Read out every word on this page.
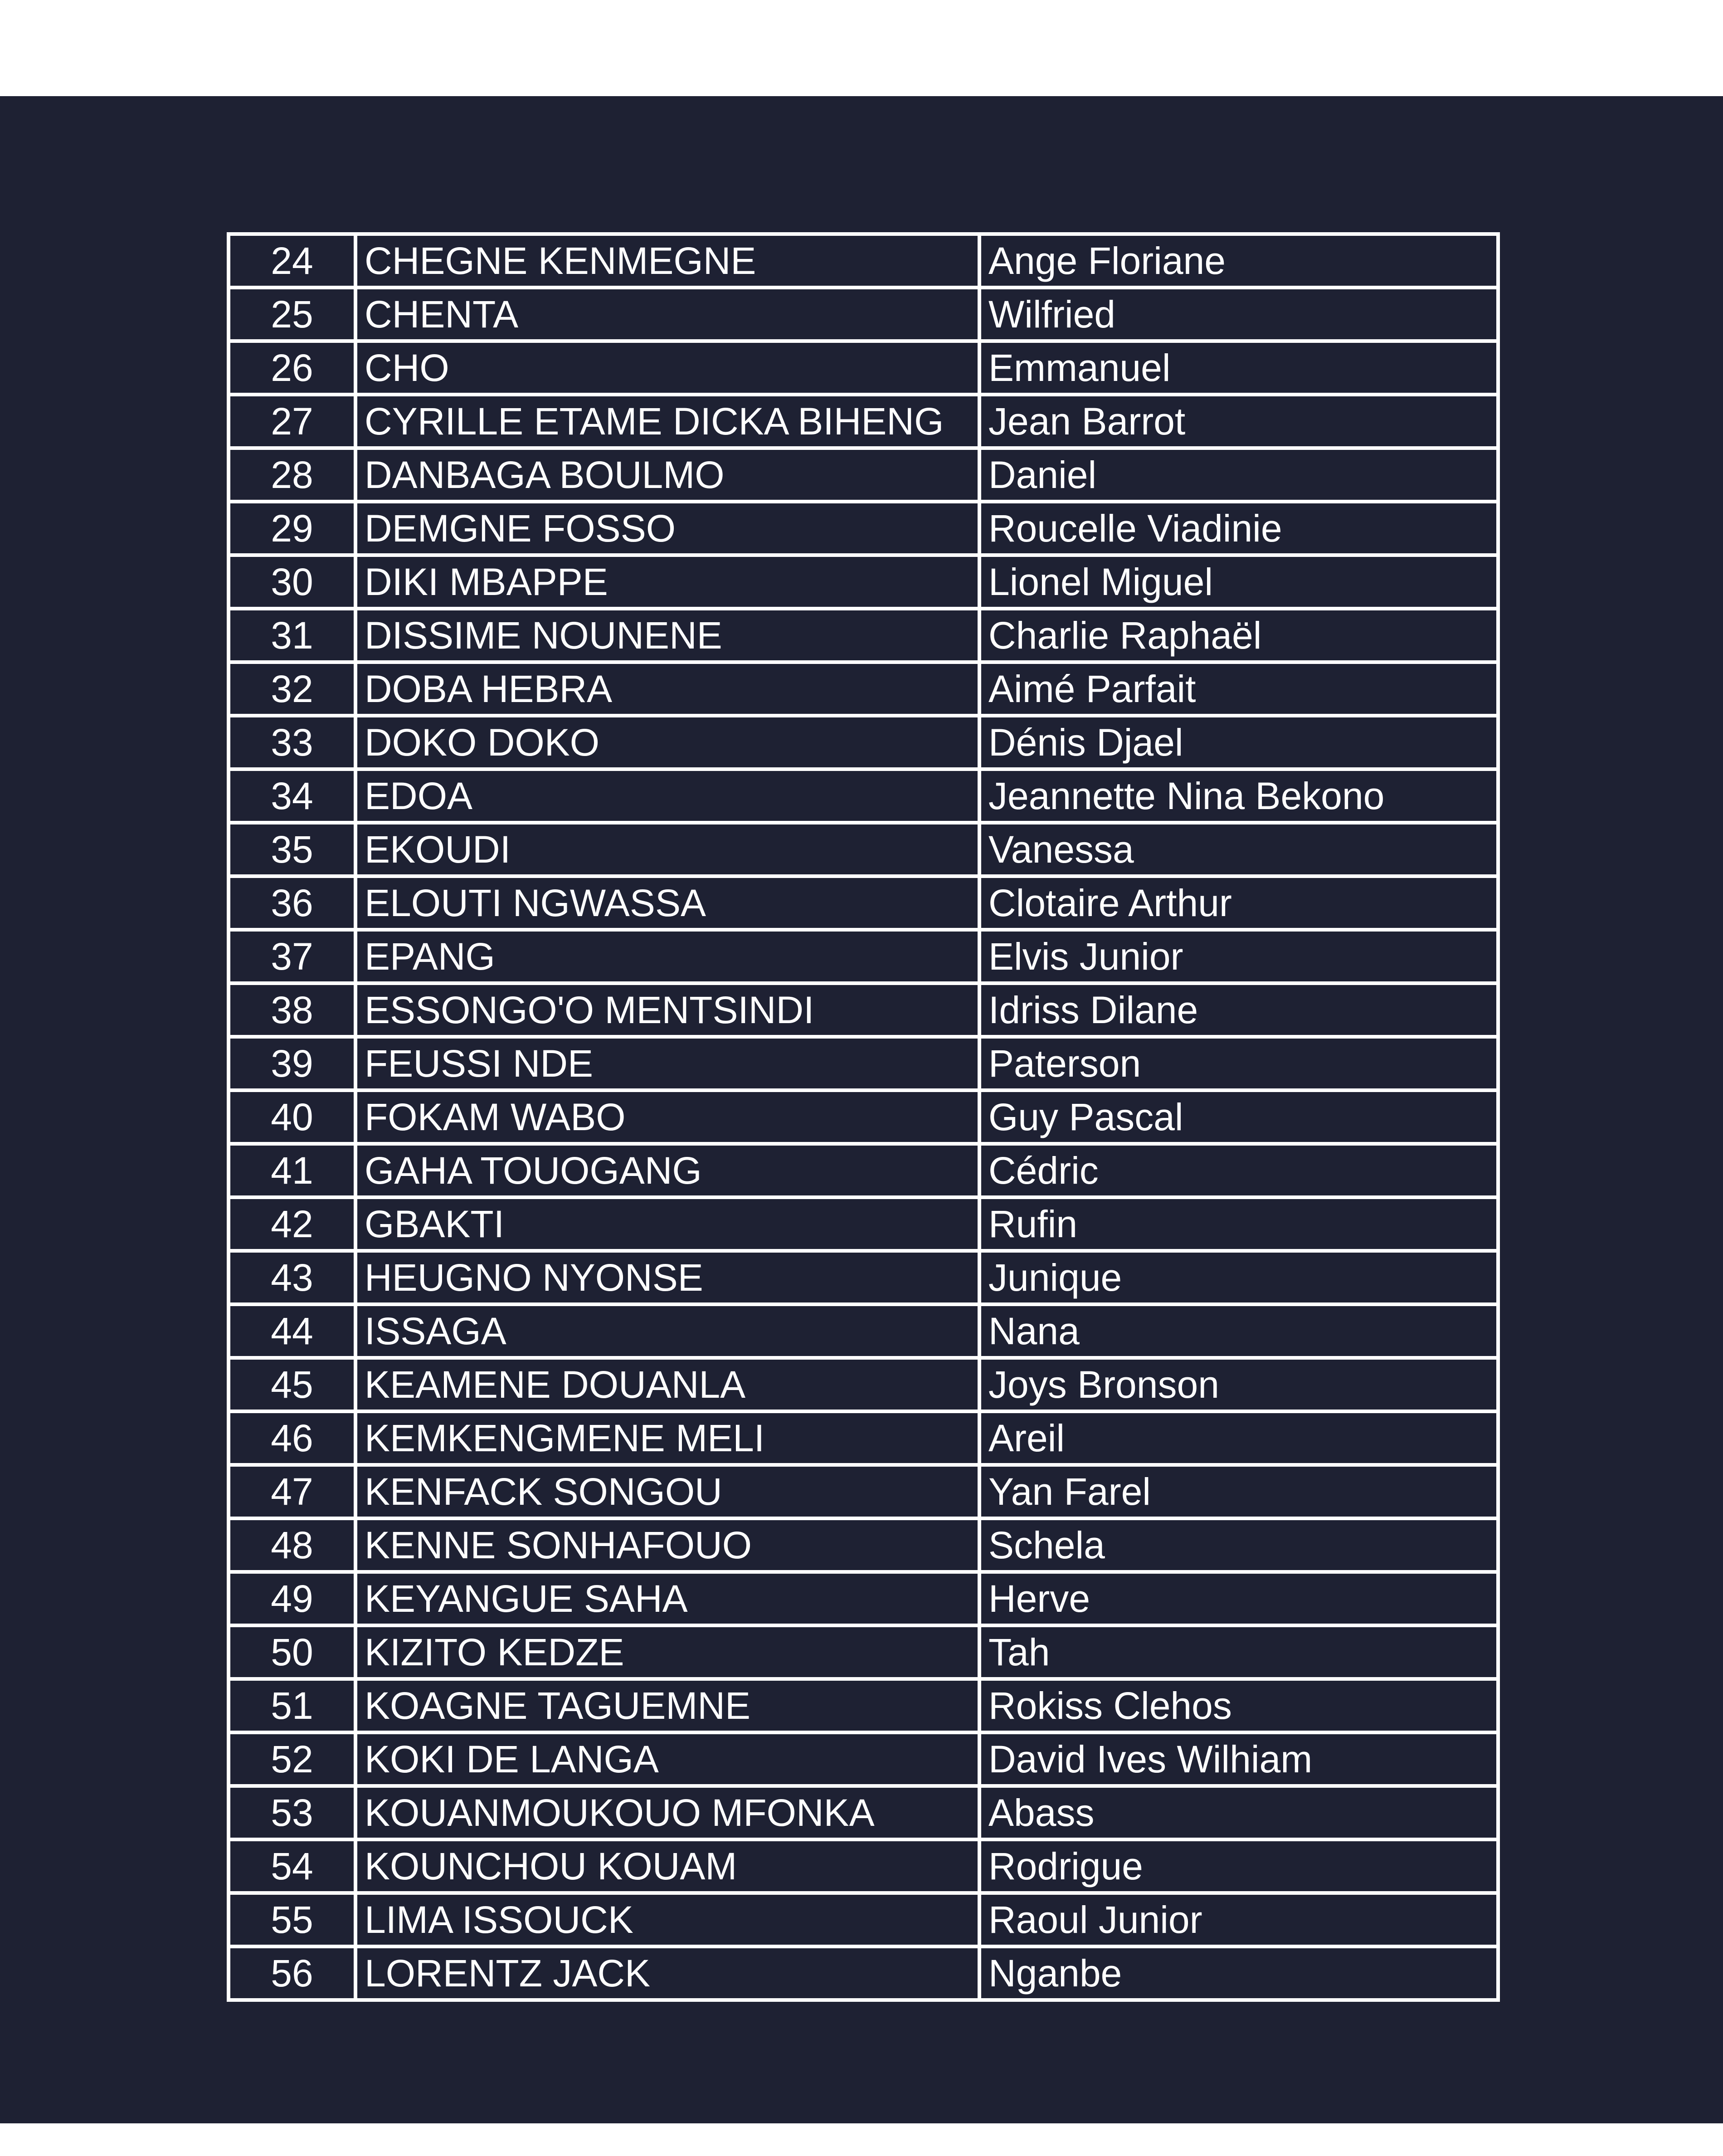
24	CHEGNE KENMEGNE	Ange Floriane
25	CHENTA	Wilfried
26	CHO	Emmanuel
27	CYRILLE ETAME DICKA BIHENG	Jean Barrot
28	DANBAGA BOULMO	Daniel
29	DEMGNE FOSSO	Roucelle Viadinie
30	DIKI MBAPPE	Lionel Miguel
31	DISSIME NOUNENE	Charlie Raphaël
32	DOBA HEBRA	Aimé Parfait
33	DOKO DOKO	Dénis Djael
34	EDOA	Jeannette Nina Bekono
35	EKOUDI	Vanessa
36	ELOUTI NGWASSA	Clotaire Arthur
37	EPANG	Elvis Junior
38	ESSONGO'O MENTSINDI	Idriss Dilane
39	FEUSSI NDE	Paterson
40	FOKAM WABO	Guy Pascal
41	GAHA TOUOGANG	Cédric
42	GBAKTI	Rufin
43	HEUGNO NYONSE	Junique
44	ISSAGA	Nana
45	KEAMENE DOUANLA	Joys Bronson
46	KEMKENGMENE MELI	Areil
47	KENFACK SONGOU	Yan Farel
48	KENNE SONHAFOUO	Schela
49	KEYANGUE SAHA	Herve
50	KIZITO KEDZE	Tah
51	KOAGNE TAGUEMNE	Rokiss Clehos
52	KOKI DE LANGA	David Ives Wilhiam
53	KOUANMOUKOUO MFONKA	Abass
54	KOUNCHOU KOUAM	Rodrigue
55	LIMA ISSOUCK	Raoul Junior
56	LORENTZ JACK	Nganbe
